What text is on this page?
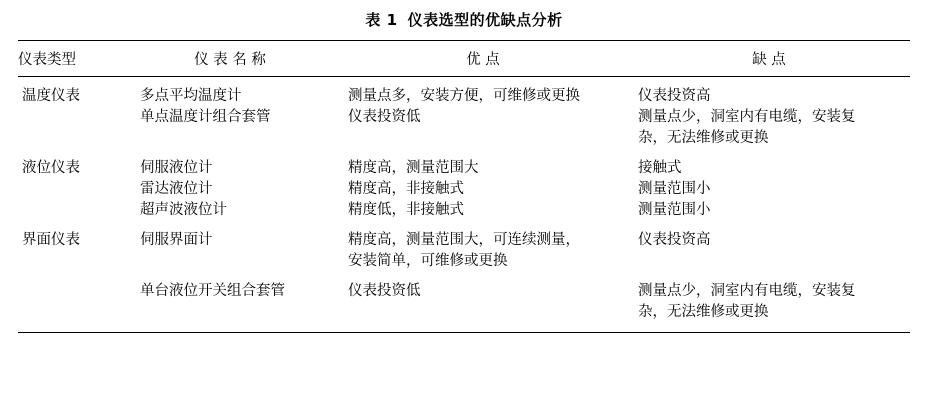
表 1 仪表选型的优缺点分析
仪表类型	仪 表 名 称	优 点	缺 点

温度仪表	多点平均温度计	测量点多，安装方便，可维修或更换	仪表投资高

	单点温度计组合套管	仪表投资低	测量点少，洞室内有电缆，安装复
杂，无法维修或更换

液位仪表	伺服液位计	精度高，测量范围大	接触式

	雷达液位计	精度高，非接触式	测量范围小

	超声波液位计	精度低，非接触式	测量范围小

界面仪表	伺服界面计	精度高，测量范围大，可连续测量，
安装简单，可维修或更换	仪表投资高

	单台液位开关组合套管	仪表投资低	测量点少，洞室内有电缆，安装复
杂，无法维修或更换
